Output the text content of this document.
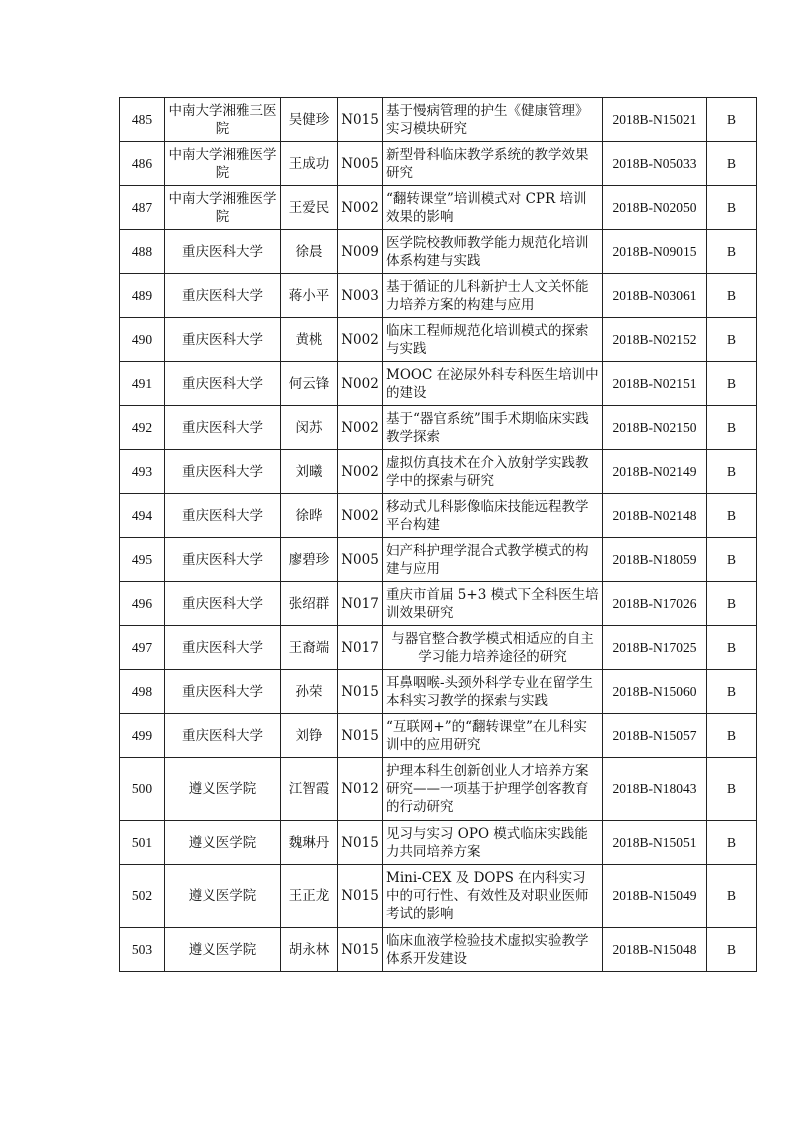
485	中南大学湘雅三医院	吴健珍	N015	基于慢病管理的护生《健康管理》实习模块研究	2018B-N15021	B
486	中南大学湘雅医学院	王成功	N005	新型骨科临床教学系统的教学效果研究	2018B-N05033	B
487	中南大学湘雅医学院	王爱民	N002	“翻转课堂”培训模式对 CPR 培训效果的影响	2018B-N02050	B
488	重庆医科大学	徐晨	N009	医学院校教师教学能力规范化培训体系构建与实践	2018B-N09015	B
489	重庆医科大学	蒋小平	N003	基于循证的儿科新护士人文关怀能力培养方案的构建与应用	2018B-N03061	B
490	重庆医科大学	黄桃	N002	临床工程师规范化培训模式的探索与实践	2018B-N02152	B
491	重庆医科大学	何云锋	N002	MOOC 在泌尿外科专科医生培训中的建设	2018B-N02151	B
492	重庆医科大学	闵苏	N002	基于“器官系统”围手术期临床实践教学探索	2018B-N02150	B
493	重庆医科大学	刘曦	N002	虚拟仿真技术在介入放射学实践教学中的探索与研究	2018B-N02149	B
494	重庆医科大学	徐晔	N002	移动式儿科影像临床技能远程教学平台构建	2018B-N02148	B
495	重庆医科大学	廖碧珍	N005	妇产科护理学混合式教学模式的构建与应用	2018B-N18059	B
496	重庆医科大学	张绍群	N017	重庆市首届 5+3 模式下全科医生培训效果研究	2018B-N17026	B
497	重庆医科大学	王裔端	N017	与器官整合教学模式相适应的自主学习能力培养途径的研究	2018B-N17025	B
498	重庆医科大学	孙荣	N015	耳鼻咽喉-头颈外科学专业在留学生本科实习教学的探索与实践	2018B-N15060	B
499	重庆医科大学	刘铮	N015	“互联网+”的“翻转课堂”在儿科实训中的应用研究	2018B-N15057	B
500	遵义医学院	江智霞	N012	护理本科生创新创业人才培养方案研究——一项基于护理学创客教育的行动研究	2018B-N18043	B
501	遵义医学院	魏琳丹	N015	见习与实习 OPO 模式临床实践能力共同培养方案	2018B-N15051	B
502	遵义医学院	王正龙	N015	Mini-CEX 及 DOPS 在内科实习中的可行性、有效性及对职业医师考试的影响	2018B-N15049	B
503	遵义医学院	胡永林	N015	临床血液学检验技术虚拟实验教学体系开发建设	2018B-N15048	B
